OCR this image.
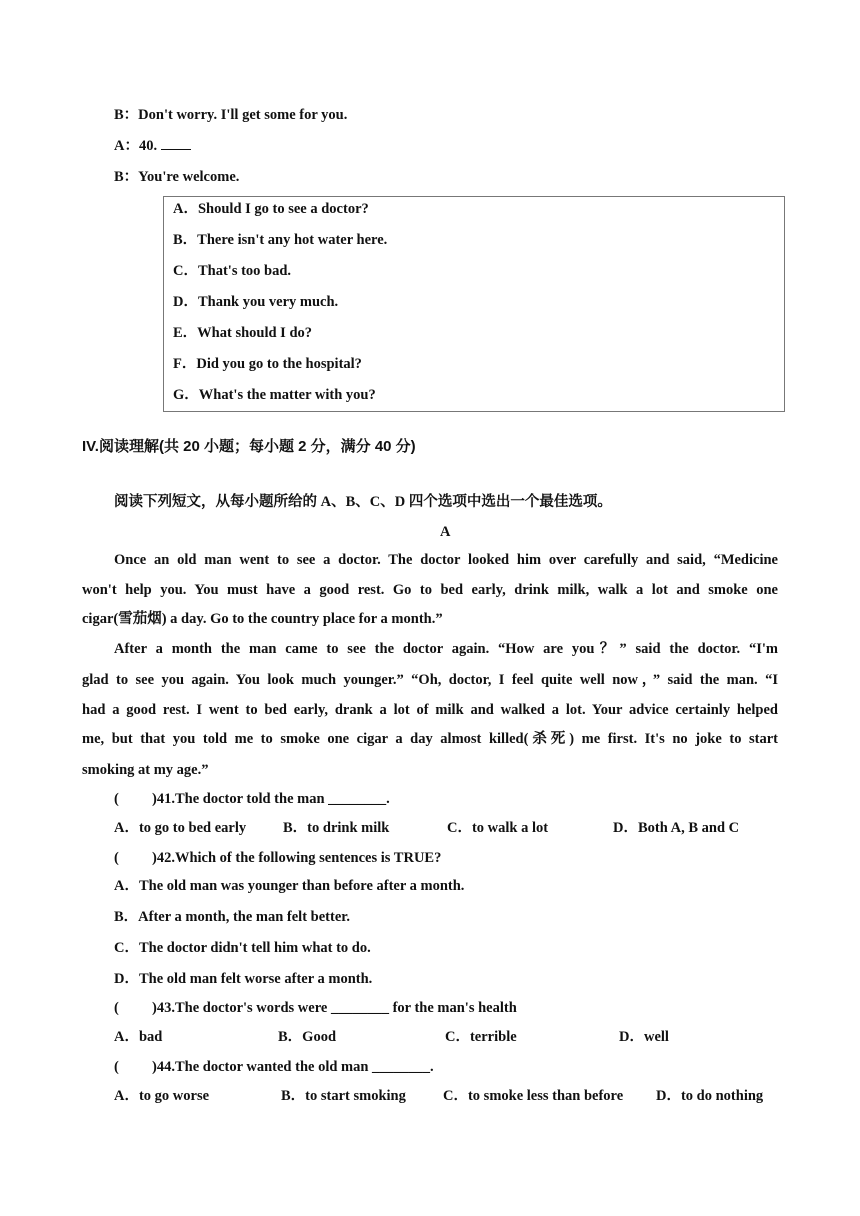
B：Don't worry. I'll get some for you.
A：40.
B：You're welcome.
A．Should I go to see a doctor?
B．There isn't any hot water here.
C．That's too bad.
D．Thank you very much.
E．What should I do?
F．Did you go to the hospital?
G．What's the matter with you?
IV.阅读理解(共 20 小题；每小题 2 分，满分 40 分)
阅读下列短文，从每小题所给的 A、B、C、D 四个选项中选出一个最佳选项。
A
Once an old man went to see a doctor. The doctor looked him over carefully and said, “Medicine
won't help you. You must have a good rest. Go to bed early, drink milk, walk a lot and smoke one
cigar(雪茄烟) a day. Go to the country place for a month.”
After a month the man came to see the doctor again. “How are you？” said the doctor. “I'm
glad to see you again. You look much younger.” “Oh, doctor, I feel quite well now，” said the man. “I
had a good rest. I went to bed early, drank a lot of milk and walked a lot. Your advice certainly helped
me, but that you told me to smoke one cigar a day almost killed(杀死) me first. It's no joke to start
smoking at my age.”
( )41.The doctor told the man ________.
A．to go to bed early	B．to drink milk	C．to walk a lot	D．Both A, B and C
( )42.Which of the following sentences is TRUE?
A．The old man was younger than before after a month.
B．After a month, the man felt better.
C．The doctor didn't tell him what to do.
D．The old man felt worse after a month.
( )43.The doctor's words were ________ for the man's health
A．bad	B．Good	C．terrible	D．well
( )44.The doctor wanted the old man ________.
A．to go worse	B．to start smoking	C．to smoke less than before D．to do nothing
